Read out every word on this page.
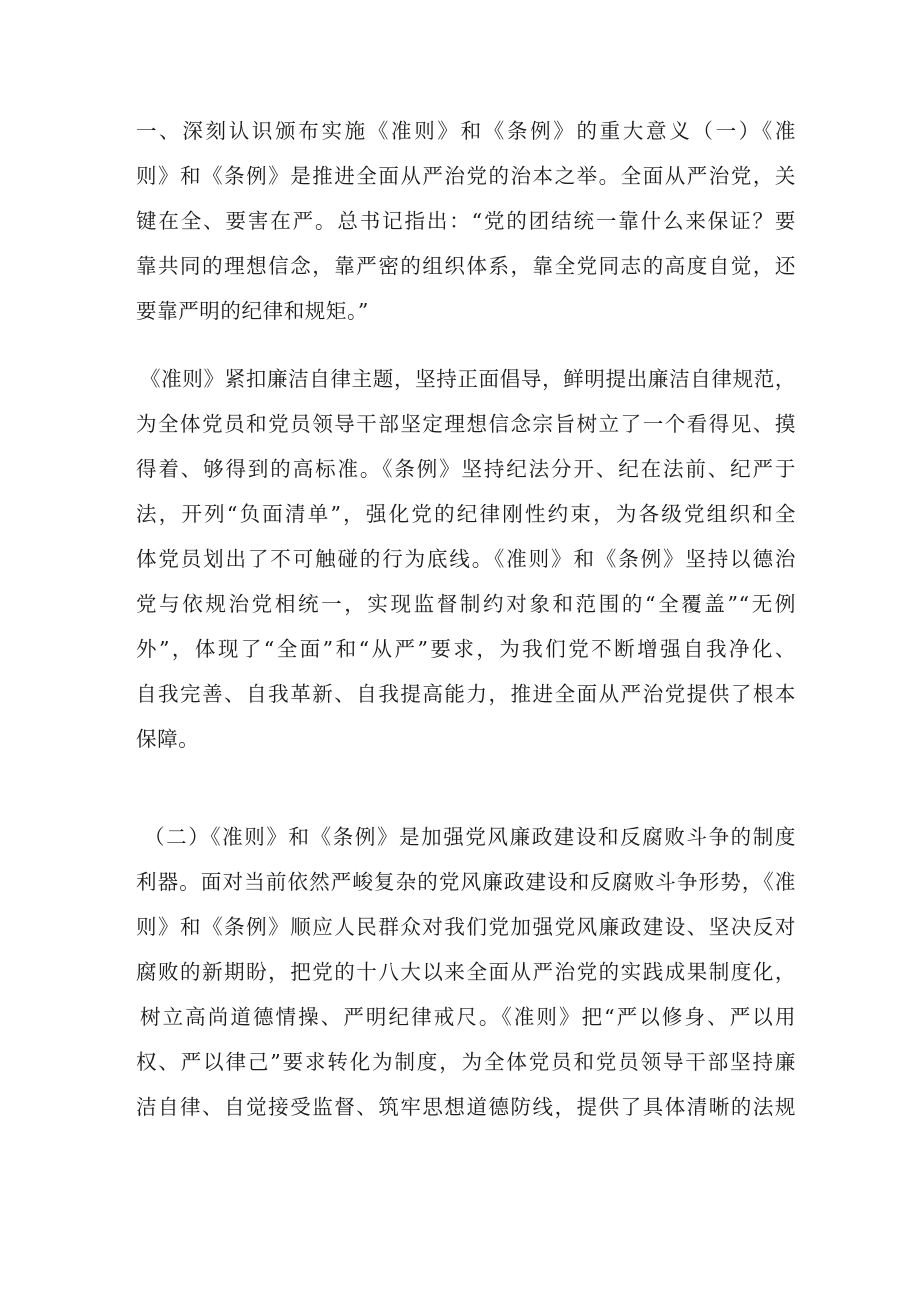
一、深刻认识颁布实施《准则》和《条例》的重大意义（一）《准
则》和《条例》是推进全面从严治党的治本之举。全面从严治党，关
键在全、要害在严。总书记指出：“党的团结统一靠什么来保证？要
靠共同的理想信念，靠严密的组织体系，靠全党同志的高度自觉，还
要靠严明的纪律和规矩。”
《准则》紧扣廉洁自律主题，坚持正面倡导，鲜明提出廉洁自律规范，
为全体党员和党员领导干部坚定理想信念宗旨树立了一个看得见、摸
得着、够得到的高标准。《条例》坚持纪法分开、纪在法前、纪严于
法，开列“负面清单”，强化党的纪律刚性约束，为各级党组织和全
体党员划出了不可触碰的行为底线。《准则》和《条例》坚持以德治
党与依规治党相统一，实现监督制约对象和范围的“全覆盖”“无例
外”，体现了“全面”和“从严”要求，为我们党不断增强自我净化、
自我完善、自我革新、自我提高能力，推进全面从严治党提供了根本
保障。
（二）《准则》和《条例》是加强党风廉政建设和反腐败斗争的制度
利器。面对当前依然严峻复杂的党风廉政建设和反腐败斗争形势，《准
则》和《条例》顺应人民群众对我们党加强党风廉政建设、坚决反对
腐败的新期盼，把党的十八大以来全面从严治党的实践成果制度化，
树立高尚道德情操、严明纪律戒尺。《准则》把“严以修身、严以用
权、严以律己”要求转化为制度，为全体党员和党员领导干部坚持廉
洁自律、自觉接受监督、筑牢思想道德防线，提供了具体清晰的法规
